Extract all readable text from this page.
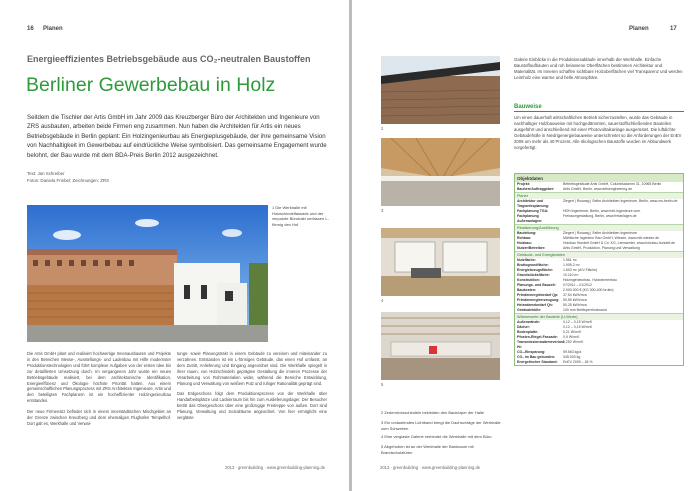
16 Planen
Energieeffizientes Betriebsgebäude aus CO₂-neutralen Baustoffen
Berliner Gewerbebau in Holz
Seitdem die Tischler der Artis GmbH im Jahr 2009 das Kreuzberger Büro der Architekten und Ingenieure von ZRS ausbauten, arbeiten beide Firmen eng zusammen. Nun haben die Architekten für Artis ein neues Betriebsgebäude in Berlin geplant: Ein Holzingenieurbau als Energieplusgebäude, der ihre gemeinsame Vision von Nachhaltigkeit im Gewerbebau auf eindrückliche Weise symbolisiert. Das gemeinsame Engagement wurde belohnt, der Bau wurde mit dem BDA-Preis Berlin 2012 ausgezeichnet.
Text: Jan Schreiber
Fotos: Daniela Friebel; Zeichnungen: ZRS
1 Die Werkhalle mit Holzschindelfassade und der verputzte Bürotrakt umfassen L-förmig den Hof

Die Artis GmbH plant und realisiert hochwertige Innenausbauten und Projekte in den Bereichen Messe-, Ausstellungs- und Ladenbau mit Hilfe modernster Produktionstechnologien und führt komplexe Aufgaben von der ersten Idee bis zur detaillierten Umsetzung durch. Im vergangenen Jahr wurde ein neues Betriebsgebäude realisiert, bei dem architektonische Identifikation, Energieeffizienz und Ökologie höchste Priorität hatten. Aus einem gemeinschaftlichen Planungsprozess mit ZRS Architekten Ingenieure, Artis und den beteiligten Fachplanern ist ein hocheffizienter Holzingenieurbau entstanden.

Der neue Firmensitz befindet sich in einem innerstädtischen Mischgebiet an der Grenze zwischen Kreuzberg und dem ehemaligen Flughafen Tempelhof. Dort galt es, Werkhalle und Verwal-

tungs- sowie Planungstrakt in einem Gebäude zu vereinen und miteinander zu verzahnen. Entstanden ist ein L-förmiges Gebäude, das einen Hof umfasst, an dem Zutritt, Anlieferung und Eingang angeordnet sind. Die Werkhalle spiegelt in ihrer rauen, von Holzschindeln geprägten Gestaltung die inneren Prozesse der Verarbeitung von Rohmaterialien wider, während die Bereiche Entwicklung, Planung und Verwaltung von weißem Putz und ruhiger Rationalität geprägt sind.

Das Erdgeschoss folgt dem Produktionsprozess von der Werkhalle über Handarbeitsplätze und Lackierraum bis hin zum Auslieferungslager. Der Besucher betritt das Obergeschoss über eine großzügige Freitreppe von außen. Dort sind Planung, Verwaltung und Sozialräume angeordnet. Von hier ermöglicht eine vergläste

2013 · greenbuilding · www.greenbuilding-planning.de
Planen	17
2
3
4
5
2 Zedernholzschindeln bekleiden den Baukörper der Halle
3 Ein umlaufendes Lichtband bringt die Dachschräge der Werkhalle zum Schweben
4 Eine verglaste Galerie verbindet die Werkhalle mit dem Büro
5 Abgehoben ist an der Werkhalle der Bankraum mit Brandschutztüren
Galerie Einblicke in die Produktionsabläufe innerhalb der Werkhalle. Einfache Baustoffaufbauten und roh belassene Oberflächen bestimmen Architektur und Materialität. Im Inneren schaffen sichtbare Holzoberflächen viel Transparenz und werden Leimholz eine warme und helle Atmosphäre.
Bauweise
Um einen dauerhaft wirtschaftlichen Betrieb sicherzustellen, wurde das Gebäude in nachhaltiger Holzbauweise mit hochgedämmten, sauerstoffschließenden Bauteilen ausgeführt und anschließend mit einer Photovoltaikanlage ausgerüstet. Die luftdichte Gebäudehülle in Niedrigenergiebauweise unterschreitet so die Anforderungen der EnEV 2009 um mehr als 40 Prozent. Alle ökologischen Baustoffe wurden im Abbundwerk vorgefertigt.
Objektdaten
Projekt:	Betriebsgebäude Artis GmbH, Columbiadamm 31, 10965 Berlin
Bauherr/Auftraggeber:	Artis GmbH, Berlin, www.artisengineering.de
Planer
Architektur und Tragwerksplanung:
Ziegert | Roswag | Seiler Architekten Ingenieure, Berlin, www.zrs-berlin.de
Fachplanung TGA:	HDH Ingenieure, Berlin, www.hdh-ingenieure.com
Fachplanung Außenanlagen:
Freiraumgestaltung, Berlin, www.freianlagen.de
Realisierung/Ausführung
Bauleitung:	Ziegert | Roswag | Seiler Architekten Ingenieure
Rohbau:	Mählische Ingenieur Bau GmbH, Wiesen, www.mib-wiesen.de
Holzbau:	Holzbau Hundelt GmbH & Co. KG, Lemwerder, www.holzbau-hundelt.de
Nutzer/Betreiber:	Artis GmbH, Produktion, Planung und Verwaltung
Gebäude- und Energiedaten
Nutzfläche:	1.561 m²
Bruttogrundfläche:	1.905,2 m²
Energiebezugsfläche:	1.603 m² (A/V-Fläche)
Grundstücksfläche:	10.110 m²
Konstruktion:	Holzingenieurbau, Holzrahmenbau
Planungs- und Bauzeit:	07/2011 – 01/2012
Baukosten:	2.000.000 € (KG 300-400 brutto)
Primärenergiebedarf Qp:	37,54 kWh/m²a
Primärenergieerzeugung:	50,59 kWh/m²a
Heizwärmebedarf Qh:	50,25 kWh/m²a
Gebäudehülle:	100 mm Brettsperrholzwand
Wärmewerte der Bauteile (U-Werte)
Außenwände:	0,12 – 0,15 W/m²K
Dächer:	0,12 – 0,15 W/m²K
Bodenplatte:	0,21 W/m²K
Pfosten-Riegel-Fassade:	0,9 W/m²K
Transmissionswärmeverlust Ht:
0,252 W/m²K
CO₂-Einsparung:	59.563 kg/a
CO₂ im Bau gebunden:	345.000 kg
Energetischer Standard:	EnEV 2009 – 45 %
2013 · greenbuilding · www.greenbuilding-planning.de
